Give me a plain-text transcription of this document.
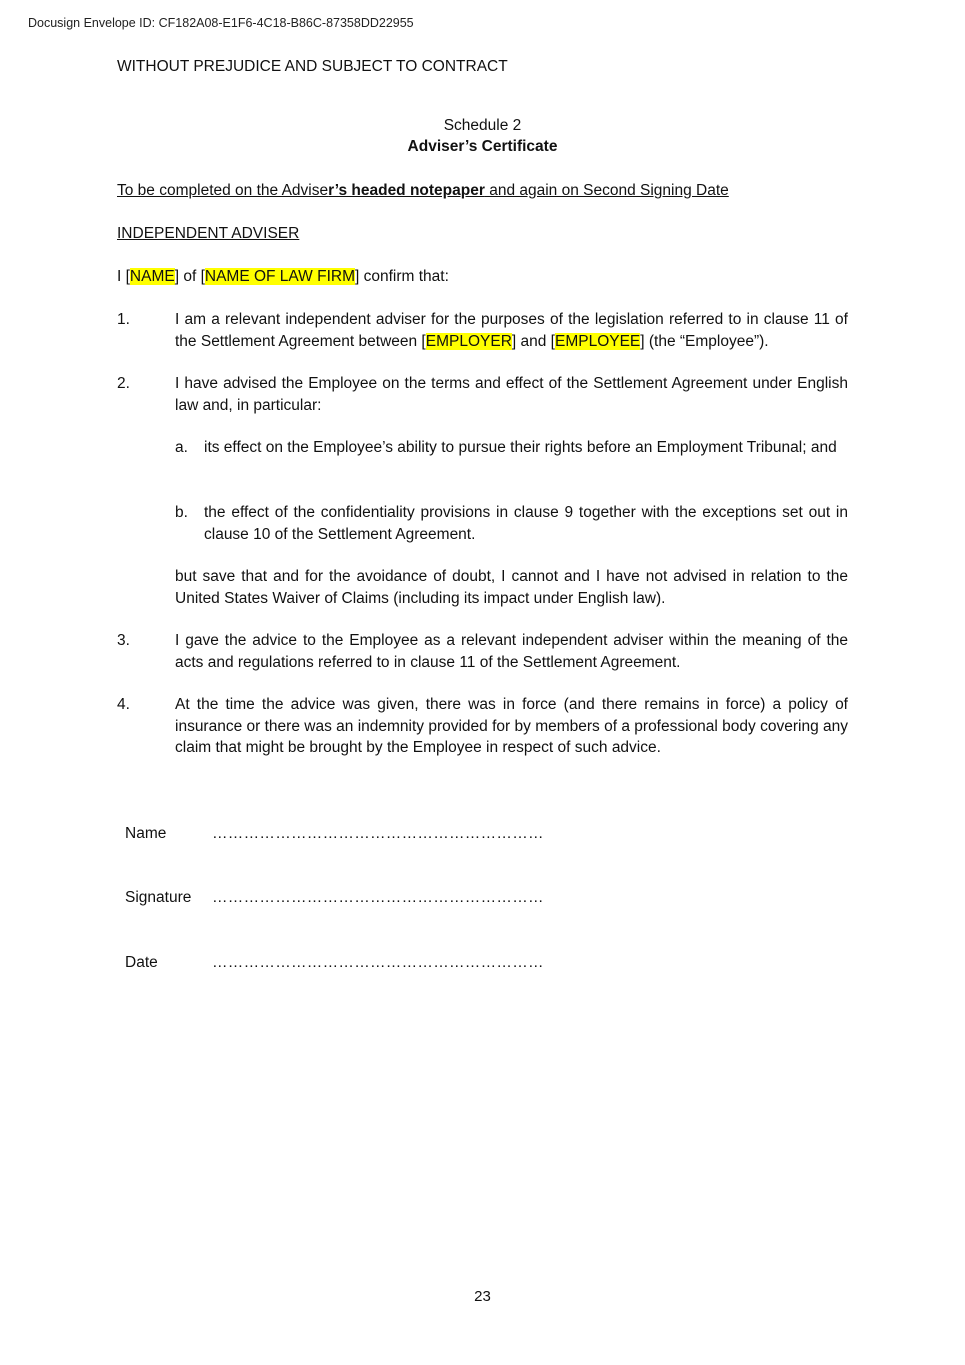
Docusign Envelope ID: CF182A08-E1F6-4C18-B86C-87358DD22955
WITHOUT PREJUDICE AND SUBJECT TO CONTRACT
Schedule 2
Adviser’s Certificate
To be completed on the Adviser’s headed notepaper and again on Second Signing Date
INDEPENDENT ADVISER
I [NAME] of [NAME OF LAW FIRM] confirm that:
1.	I am a relevant independent adviser for the purposes of the legislation referred to in clause 11 of the Settlement Agreement between [EMPLOYER] and [EMPLOYEE] (the “Employee”).
2.	I have advised the Employee on the terms and effect of the Settlement Agreement under English law and, in particular:
a. its effect on the Employee’s ability to pursue their rights before an Employment Tribunal; and
b. the effect of the confidentiality provisions in clause 9 together with the exceptions set out in clause 10 of the Settlement Agreement.
but save that and for the avoidance of doubt, I cannot and I have not advised in relation to the United States Waiver of Claims (including its impact under English law).
3.	I gave the advice to the Employee as a relevant independent adviser within the meaning of the acts and regulations referred to in clause 11 of the Settlement Agreement.
4.	At the time the advice was given, there was in force (and there remains in force) a policy of insurance or there was an indemnity provided for by members of a professional body covering any claim that might be brought by the Employee in respect of such advice.
Name	………………………………………………………
Signature ………………………………………………………
Date	………………………………………………………
23
